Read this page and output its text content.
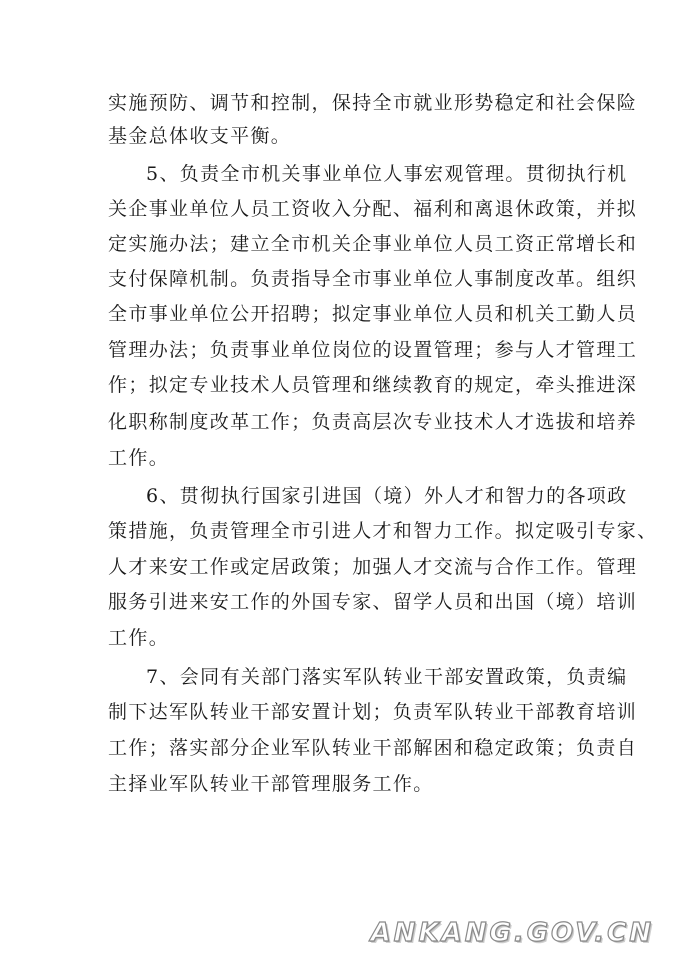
实施预防、调节和控制，保持全市就业形势稳定和社会保险
基金总体收支平衡。
5、负责全市机关事业单位人事宏观管理。贯彻执行机
关企事业单位人员工资收入分配、福利和离退休政策，并拟
定实施办法；建立全市机关企事业单位人员工资正常增长和
支付保障机制。负责指导全市事业单位人事制度改革。组织
全市事业单位公开招聘；拟定事业单位人员和机关工勤人员
管理办法；负责事业单位岗位的设置管理；参与人才管理工
作；拟定专业技术人员管理和继续教育的规定，牵头推进深
化职称制度改革工作；负责高层次专业技术人才选拔和培养
工作。
6、贯彻执行国家引进国（境）外人才和智力的各项政
策措施，负责管理全市引进人才和智力工作。拟定吸引专家、
人才来安工作或定居政策；加强人才交流与合作工作。管理
服务引进来安工作的外国专家、留学人员和出国（境）培训
工作。
7、会同有关部门落实军队转业干部安置政策，负责编
制下达军队转业干部安置计划；负责军队转业干部教育培训
工作；落实部分企业军队转业干部解困和稳定政策；负责自
主择业军队转业干部管理服务工作。
ANKANG.GOV.CN
